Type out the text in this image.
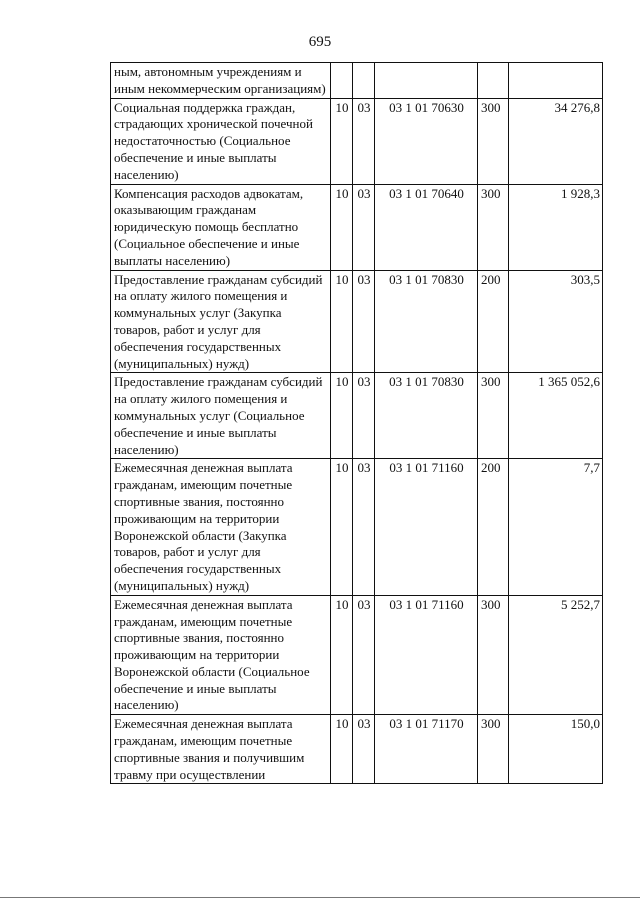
695
ным, автономным учреждениям и иным некоммерческим организациям)					
Социальная поддержка граждан, страдающих хронической почечной недостаточностью (Социальное обеспечение и иные выплаты населению)	10	03	03 1 01 70630	300	34 276,8
Компенсация расходов адвокатам, оказывающим гражданам юридическую помощь бесплатно (Социальное обеспечение и иные выплаты населению)	10	03	03 1 01 70640	300	1 928,3
Предоставление гражданам субсидий на оплату жилого помещения и коммунальных услуг (Закупка товаров, работ и услуг для обеспечения государственных (муниципальных) нужд)	10	03	03 1 01 70830	200	303,5
Предоставление гражданам субсидий на оплату жилого помещения и коммунальных услуг (Социальное обеспечение и иные выплаты населению)	10	03	03 1 01 70830	300	1 365 052,6
Ежемесячная денежная выплата гражданам, имеющим почетные спортивные звания, постоянно проживающим на территории Воронежской области (Закупка товаров, работ и услуг для обеспечения государственных (муниципальных) нужд)	10	03	03 1 01 71160	200	7,7
Ежемесячная денежная выплата гражданам, имеющим почетные спортивные звания, постоянно проживающим на территории Воронежской области (Социальное обеспечение и иные выплаты населению)	10	03	03 1 01 71160	300	5 252,7
Ежемесячная денежная выплата гражданам, имеющим почетные спортивные звания и получившим травму при осуществлении	10	03	03 1 01 71170	300	150,0
